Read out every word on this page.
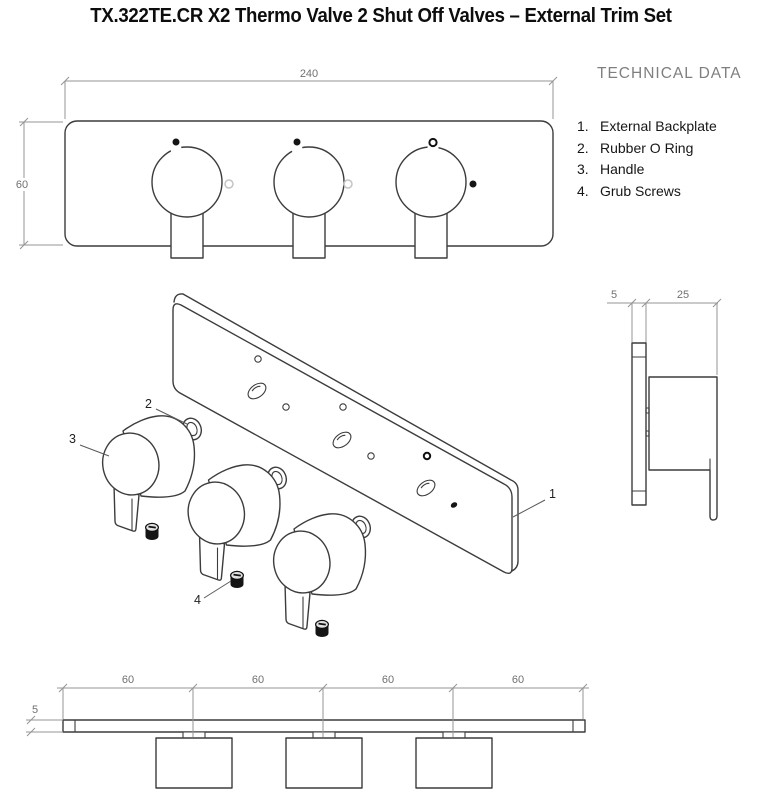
TX.322TE.CR X2 Thermo Valve 2 Shut Off Valves – External Trim Set
TECHNICAL DATA
1. External Backplate
2. Rubber O Ring
3. Handle
4. Grub Screws
240
60
1
2
3
4
5	25
60	60	60	60
5
